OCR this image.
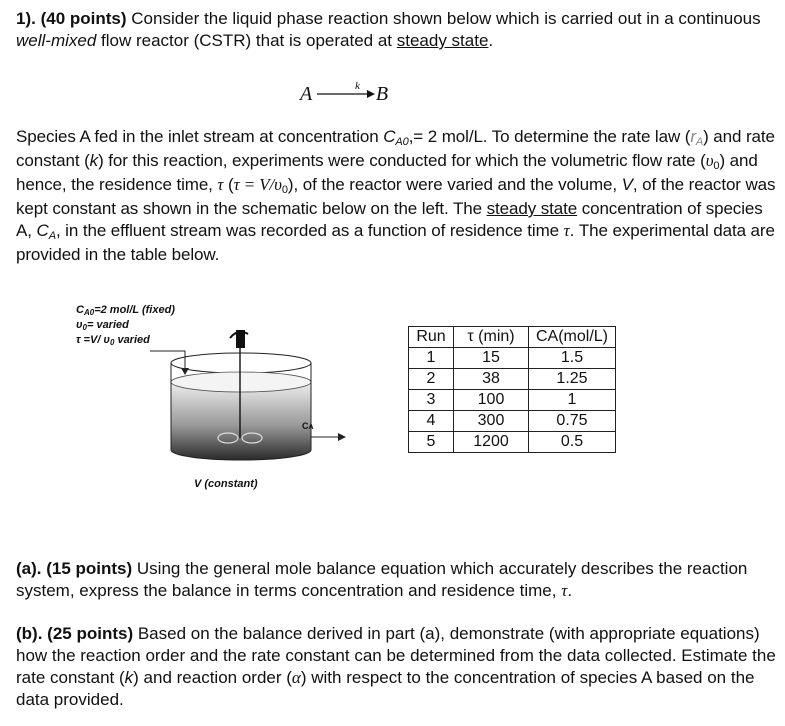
1). (40 points) Consider the liquid phase reaction shown below which is carried out in a continuous well-mixed flow reactor (CSTR) that is operated at steady state.
A	k B
Species A fed in the inlet stream at concentration CA0,= 2 mol/L. To determine the rate law (rA) and rate constant (k) for this reaction, experiments were conducted for which the volumetric flow rate (υ0) and hence, the residence time, τ (τ = V/υ0), of the reactor were varied and the volume, V, of the reactor was kept constant as shown in the schematic below on the left. The steady state concentration of species A, CA, in the effluent stream was recorded as a function of residence time τ. The experimental data are provided in the table below.
CA0=2 mol/L (fixed)
υ0= varied
τ =V/ υ0 varied
CA
V (constant)
Run	τ (min)	CA(mol/L)
1	15	1.5
2	38	1.25
3	100	1
4	300	0.75
5	1200	0.5
(a). (15 points) Using the general mole balance equation which accurately describes the reaction system, express the balance in terms concentration and residence time, τ.
(b). (25 points) Based on the balance derived in part (a), demonstrate (with appropriate equations) how the reaction order and the rate constant can be determined from the data collected. Estimate the rate constant (k) and reaction order (α) with respect to the concentration of species A based on the data provided.
